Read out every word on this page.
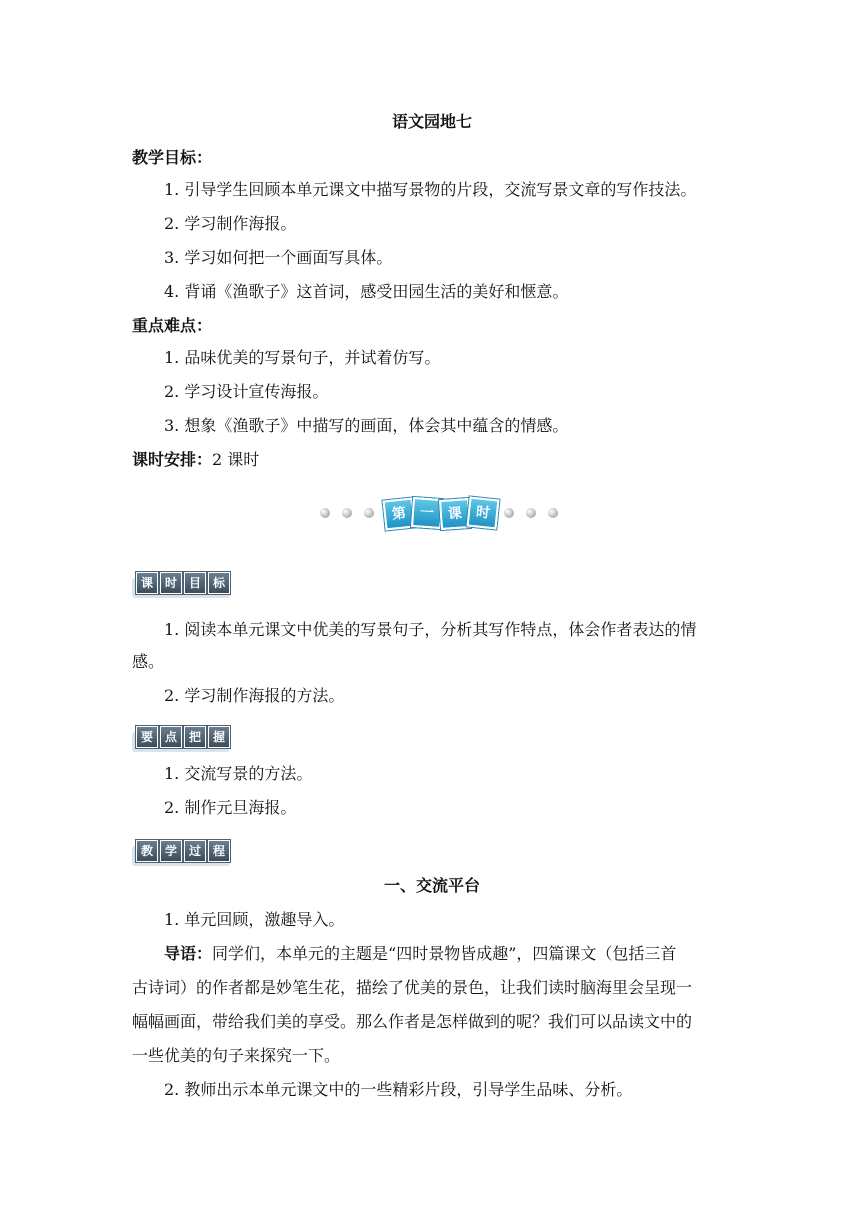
语文园地七
教学目标：
1. 引导学生回顾本单元课文中描写景物的片段，交流写景文章的写作技法。
2. 学习制作海报。
3. 学习如何把一个画面写具体。
4. 背诵《渔歌子》这首词，感受田园生活的美好和惬意。
重点难点：
1. 品味优美的写景句子，并试着仿写。
2. 学习设计宣传海报。
3. 想象《渔歌子》中描写的画面，体会其中蕴含的情感。
课时安排：2 课时
第 一 课 时
课 时 目 标
1. 阅读本单元课文中优美的写景句子，分析其写作特点，体会作者表达的情
感。
2. 学习制作海报的方法。
要 点 把 握
1. 交流写景的方法。
2. 制作元旦海报。
教 学 过 程
一、交流平台
1. 单元回顾，激趣导入。
导语：同学们，本单元的主题是“四时景物皆成趣”，四篇课文（包括三首
古诗词）的作者都是妙笔生花，描绘了优美的景色，让我们读时脑海里会呈现一
幅幅画面，带给我们美的享受。那么作者是怎样做到的呢？我们可以品读文中的
一些优美的句子来探究一下。
2. 教师出示本单元课文中的一些精彩片段，引导学生品味、分析。
